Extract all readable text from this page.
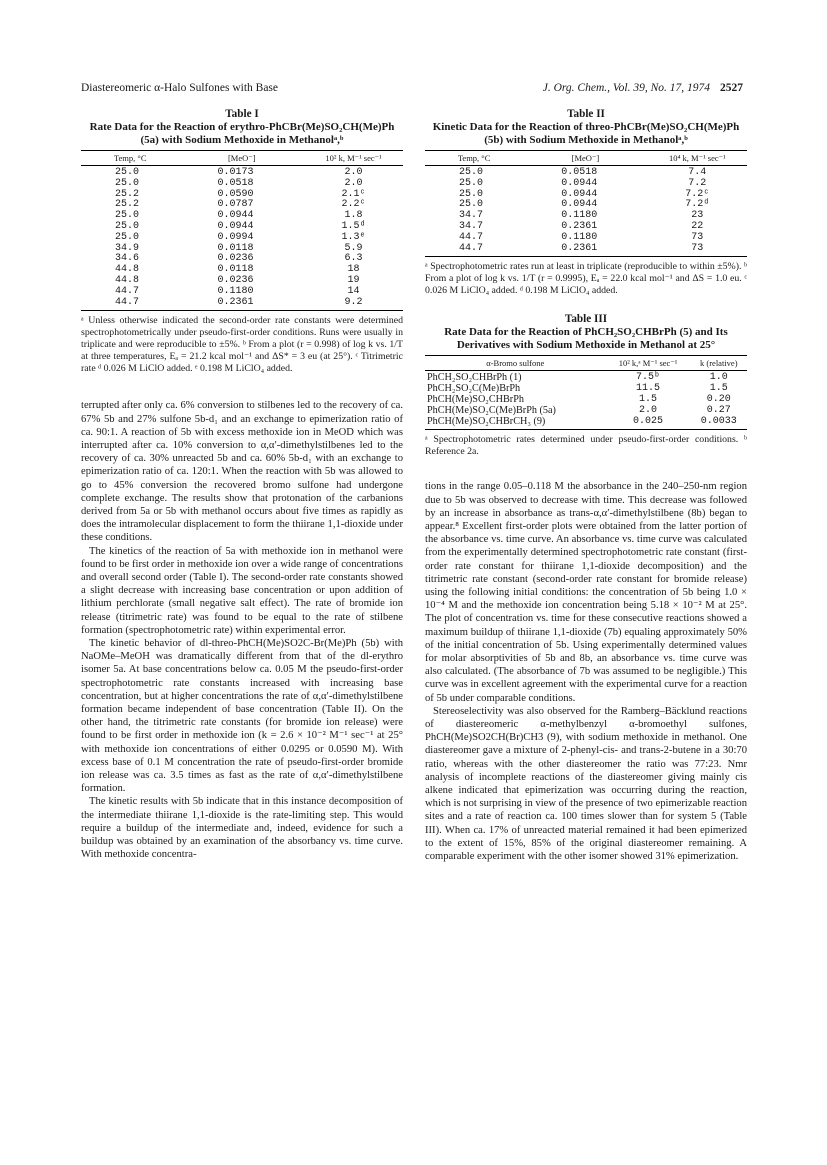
Diastereomeric α-Halo Sulfones with Base	J. Org. Chem., Vol. 39, No. 17, 1974 2527
Table I
Rate Data for the Reaction of erythro-PhCBr(Me)SO₂CH(Me)Ph (5a) with Sodium Methoxide in Methanolᵃ,ᵇ
Temp, °C	[MeO⁻]	10² k, M⁻¹ sec⁻¹
25.0	0.0173	2.0
25.0	0.0518	2.0
25.2	0.0590	2.1ᶜ
25.2	0.0787	2.2ᶜ
25.0	0.0944	1.8
25.0	0.0944	1.5ᵈ
25.0	0.0994	1.3ᵉ
34.9	0.0118	5.9
34.6	0.0236	6.3
44.8	0.0118	18
44.8	0.0236	19
44.7	0.1180	14
44.7	0.2361	9.2
ᵃ Unless otherwise indicated the second-order rate constants were determined spectrophotometrically under pseudo-first-order conditions. Runs were usually in triplicate and were reproducible to ±5%. ᵇ From a plot (r = 0.998) of log k vs. 1/T at three temperatures, Eₐ = 21.2 kcal mol⁻¹ and ΔS* = 3 eu (at 25°). ᶜ Titrimetric rate ᵈ 0.026 M LiClO added. ᵉ 0.198 M LiClO₄ added.

terrupted after only ca. 6% conversion to stilbenes led to the recovery of ca. 67% 5b and 27% sulfone 5b-d₁ and an exchange to epimerization ratio of ca. 90:1. A reaction of 5b with excess methoxide ion in MeOD which was interrupted after ca. 10% conversion to α,α′-dimethylstilbenes led to the recovery of ca. 30% unreacted 5b and ca. 60% 5b-d₁ with an exchange to epimerization ratio of ca. 120:1. When the reaction with 5b was allowed to go to 45% conversion the recovered bromo sulfone had undergone complete exchange. The results show that protonation of the carbanions derived from 5a or 5b with methanol occurs about five times as rapidly as does the intramolecular displacement to form the thiirane 1,1-dioxide under these conditions.

The kinetics of the reaction of 5a with methoxide ion in methanol were found to be first order in methoxide ion over a wide range of concentrations and overall second order (Table I). The second-order rate constants showed a slight decrease with increasing base concentration or upon addition of lithium perchlorate (small negative salt effect). The rate of bromide ion release (titrimetric rate) was found to be equal to the rate of stilbene formation (spectrophotometric rate) within experimental error.

The kinetic behavior of dl-threo-PhCH(Me)SO2C-Br(Me)Ph (5b) with NaOMe–MeOH was dramatically different from that of the dl-erythro isomer 5a. At base concentrations below ca. 0.05 M the pseudo-first-order spectrophotometric rate constants increased with increasing base concentration, but at higher concentrations the rate of α,α′-dimethylstilbene formation became independent of base concentration (Table II). On the other hand, the titrimetric rate constants (for bromide ion release) were found to be first order in methoxide ion (k = 2.6 × 10⁻² M⁻¹ sec⁻¹ at 25° with methoxide ion concentrations of either 0.0295 or 0.0590 M). With excess base of 0.1 M concentration the rate of pseudo-first-order bromide ion release was ca. 3.5 times as fast as the rate of α,α′-dimethylstilbene formation.

The kinetic results with 5b indicate that in this instance decomposition of the intermediate thiirane 1,1-dioxide is the rate-limiting step. This would require a buildup of the intermediate and, indeed, evidence for such a buildup was obtained by an examination of the absorbancy vs. time curve. With methoxide concentra-

Table II
Kinetic Data for the Reaction of threo-PhCBr(Me)SO₂CH(Me)Ph (5b) with Sodium Methoxide in Methanolᵃ,ᵇ
Temp, °C	[MeO⁻]	10⁴ k, M⁻¹ sec⁻¹
25.0	0.0518	7.4
25.0	0.0944	7.2
25.0	0.0944	7.2ᶜ
25.0	0.0944	7.2ᵈ
34.7	0.1180	23
34.7	0.2361	22
44.7	0.1180	73
44.7	0.2361	73
ᵃ Spectrophotometric rates run at least in triplicate (reproducible to within ±5%). ᵇ From a plot of log k vs. 1/T (r = 0.9995), Eₐ = 22.0 kcal mol⁻¹ and ΔS = 1.0 eu. ᶜ 0.026 M LiClO₄ added. ᵈ 0.198 M LiClO₄ added.
Table III
Rate Data for the Reaction of PhCH₂SO₂CHBrPh (5) and Its Derivatives with Sodium Methoxide in Methanol at 25°
α-Bromo sulfone	10² k,ᵃ M⁻¹ sec⁻¹	k (relative)
PhCH₂SO₂CHBrPh (1)	7.5ᵇ	1.0
PhCH₂SO₂C(Me)BrPh	11.5	1.5
PhCH(Me)SO₂CHBrPh	1.5	0.20
PhCH(Me)SO₂C(Me)BrPh (5a)	2.0	0.27
PhCH(Me)SO₂CHBrCH₃ (9)	0.025	0.0033
ᵃ Spectrophotometric rates determined under pseudo-first-order conditions. ᵇ Reference 2a.

tions in the range 0.05–0.118 M the absorbance in the 240–250-nm region due to 5b was observed to decrease with time. This decrease was followed by an increase in absorbance as trans-α,α′-dimethylstilbene (8b) began to appear.⁸ Excellent first-order plots were obtained from the latter portion of the absorbance vs. time curve. An absorbance vs. time curve was calculated from the experimentally determined spectrophotometric rate constant (first-order rate constant for thiirane 1,1-dioxide decomposition) and the titrimetric rate constant (second-order rate constant for bromide release) using the following initial conditions: the concentration of 5b being 1.0 × 10⁻⁴ M and the methoxide ion concentration being 5.18 × 10⁻² M at 25°. The plot of concentration vs. time for these consecutive reactions showed a maximum buildup of thiirane 1,1-dioxide (7b) equaling approximately 50% of the initial concentration of 5b. Using experimentally determined values for molar absorptivities of 5b and 8b, an absorbance vs. time curve was also calculated. (The absorbance of 7b was assumed to be negligible.) This curve was in excellent agreement with the experimental curve for a reaction of 5b under comparable conditions.

Stereoselectivity was also observed for the Ramberg–Bäcklund reactions of diastereomeric α-methylbenzyl α-bromoethyl sulfones, PhCH(Me)SO2CH(Br)CH3 (9), with sodium methoxide in methanol. One diastereomer gave a mixture of 2-phenyl-cis- and trans-2-butene in a 30:70 ratio, whereas with the other diastereomer the ratio was 77:23. Nmr analysis of incomplete reactions of the diastereomer giving mainly cis alkene indicated that epimerization was occurring during the reaction, which is not surprising in view of the presence of two epimerizable reaction sites and a rate of reaction ca. 100 times slower than for system 5 (Table III). When ca. 17% of unreacted material remained it had been epimerized to the extent of 15%, 85% of the original diastereomer remaining. A comparable experiment with the other isomer showed 31% epimerization.
